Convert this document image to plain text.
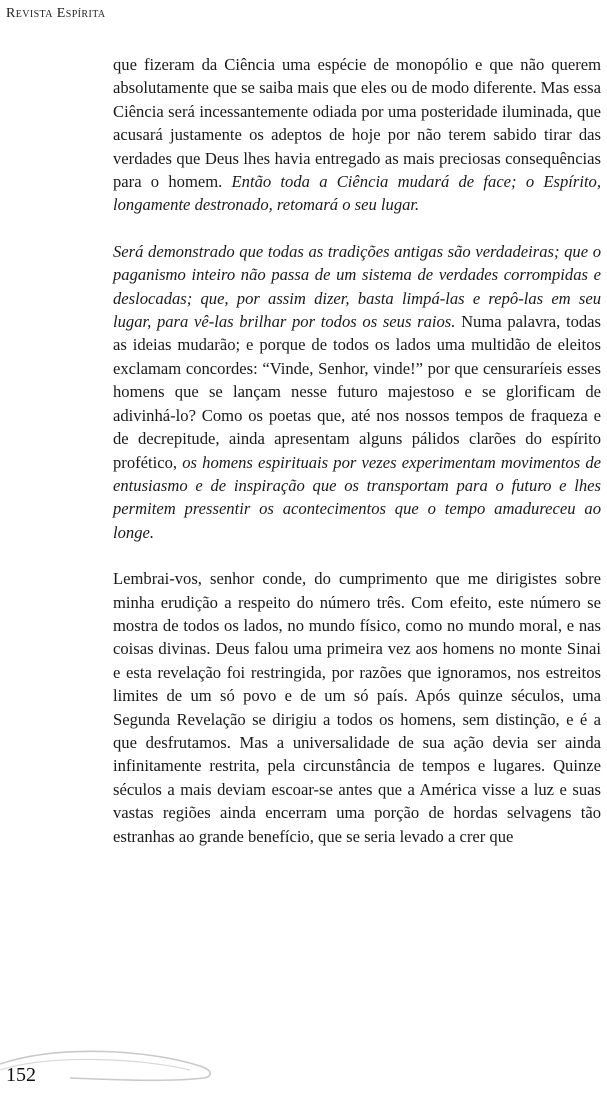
Revista Espírita

que fizeram da Ciência uma espécie de monopólio e que não querem absolutamente que se saiba mais que eles ou de modo diferente. Mas essa Ciência será incessantemente odiada por uma posteridade iluminada, que acusará justamente os adeptos de hoje por não terem sabido tirar das verdades que Deus lhes havia entregado as mais preciosas consequências para o homem. Então toda a Ciência mudará de face; o Espírito, longamente destronado, retomará o seu lugar.

Será demonstrado que todas as tradições antigas são verdadeiras; que o paganismo inteiro não passa de um sistema de verdades corrompidas e deslocadas; que, por assim dizer, basta limpá-las e repô-las em seu lugar, para vê-las brilhar por todos os seus raios. Numa palavra, todas as ideias mudarão; e porque de todos os lados uma multidão de eleitos exclamam concordes: “Vinde, Senhor, vinde!” por que censuraríeis esses homens que se lançam nesse futuro majestoso e se glorificam de adivinhá-lo? Como os poetas que, até nos nossos tempos de fraqueza e de decrepitude, ainda apresentam alguns pálidos clarões do espírito profético, os homens espirituais por vezes experimentam movimentos de entusiasmo e de inspiração que os transportam para o futuro e lhes permitem pressentir os acontecimentos que o tempo amadureceu ao longe.

Lembrai-vos, senhor conde, do cumprimento que me dirigistes sobre minha erudição a respeito do número três. Com efeito, este número se mostra de todos os lados, no mundo físico, como no mundo moral, e nas coisas divinas. Deus falou uma primeira vez aos homens no monte Sinai e esta revelação foi restringida, por razões que ignoramos, nos estreitos limites de um só povo e de um só país. Após quinze séculos, uma Segunda Revelação se dirigiu a todos os homens, sem distinção, e é a que desfrutamos. Mas a universalidade de sua ação devia ser ainda infinitamente restrita, pela circunstância de tempos e lugares. Quinze séculos a mais deviam escoar-se antes que a América visse a luz e suas vastas regiões ainda encerram uma porção de hordas selvagens tão estranhas ao grande benefício, que se seria levado a crer que

152
